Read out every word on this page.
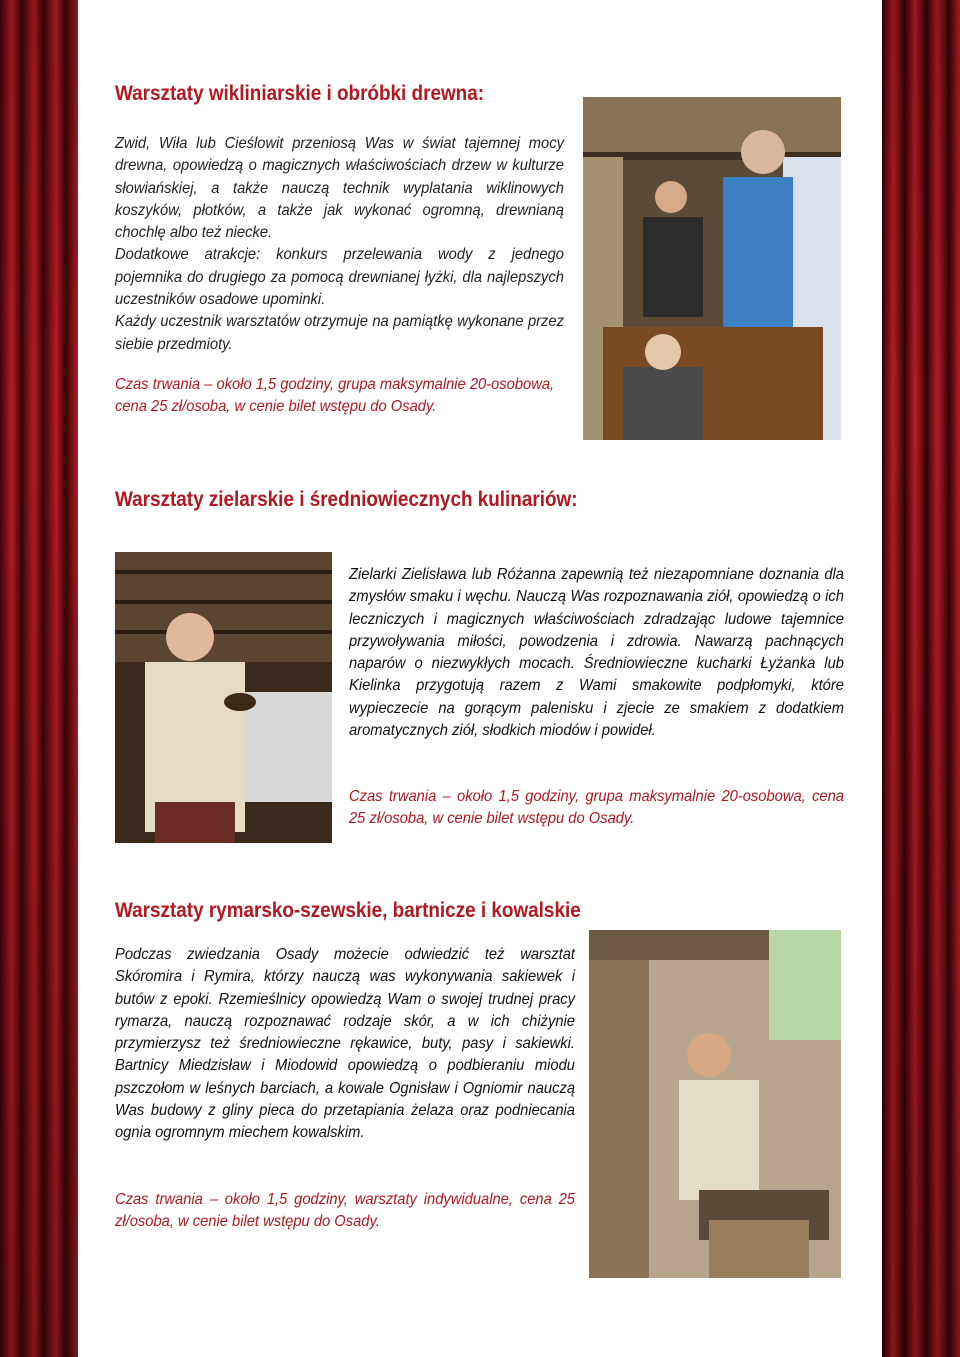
Warsztaty wikliniarskie i obróbki drewna:

Zwid, Wiła lub Cieślowit przeniosą Was w świat tajemnej mocy drewna, opowiedzą o magicznych właściwościach drzew w kulturze słowiańskiej, a także nauczą technik wyplatania wiklinowych koszyków, płotków, a także jak wykonać ogromną, drewnianą chochlę albo też niecke.

Dodatkowe atrakcje: konkurs przelewania wody z jednego pojemnika do drugiego za pomocą drewnianej łyżki, dla najlepszych uczestników osadowe upominki.

Każdy uczestnik warsztatów otrzymuje na pamiątkę wykonane przez siebie przedmioty.

Czas trwania – około 1,5 godziny, grupa maksymalnie 20-osobowa, cena 25 zł/osoba, w cenie bilet wstępu do Osady.
Warsztaty zielarskie i średniowiecznych kulinariów:

Zielarki Zielisława lub Różanna zapewnią też niezapomniane doznania dla zmysłów smaku i węchu. Nauczą Was rozpoznawania ziół, opowiedzą o ich leczniczych i magicznych właściwościach zdradzając ludowe tajemnice przywoływania miłości, powodzenia i zdrowia. Nawarzą pachnących naparów o niezwykłych mocach. Średniowieczne kucharki Łyżanka lub Kielinka przygotują razem z Wami smakowite podpłomyki, które wypieczecie na gorącym palenisku i zjecie ze smakiem z dodatkiem aromatycznych ziół, słodkich miodów i powideł.

Czas trwania – około 1,5 godziny, grupa maksymalnie 20-osobowa, cena 25 zł/osoba, w cenie bilet wstępu do Osady.
Warsztaty rymarsko-szewskie, bartnicze i kowalskie

Podczas zwiedzania Osady możecie odwiedzić też warsztat Skóromira i Rymira, którzy nauczą was wykonywania sakiewek i butów z epoki. Rzemieślnicy opowiedzą Wam o swojej trudnej pracy rymarza, nauczą rozpoznawać rodzaje skór, a w ich chiżynie przymierzysz też średniowieczne rękawice, buty, pasy i sakiewki. Bartnicy Miedzisław i Miodowid opowiedzą o podbieraniu miodu pszczołom w leśnych barciach, a kowale Ognisław i Ogniomir nauczą Was budowy z gliny pieca do przetapiania żelaza oraz podniecania ognia ogromnym miechem kowalskim.

Czas trwania – około 1,5 godziny, warsztaty indywidualne, cena 25 zł/osoba, w cenie bilet wstępu do Osady.
